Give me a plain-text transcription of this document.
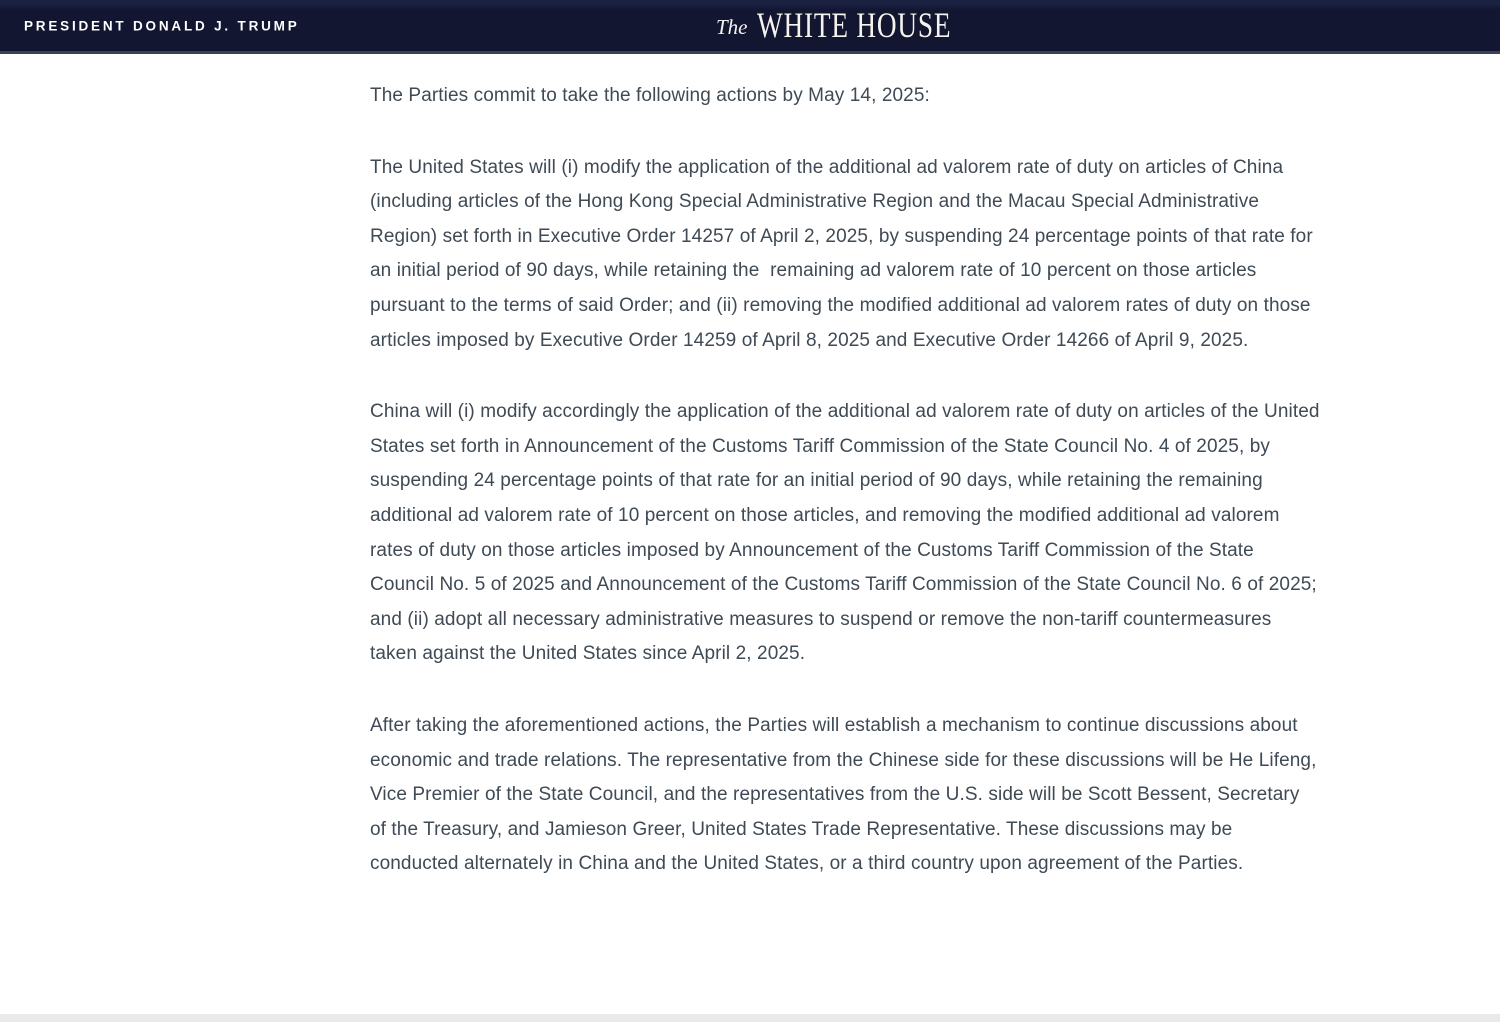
PRESIDENT DONALD J. TRUMP	The WHITE HOUSE

The Parties commit to take the following actions by May 14, 2025:

The United States will (i) modify the application of the additional ad valorem rate of duty on articles of China (including articles of the Hong Kong Special Administrative Region and the Macau Special Administrative Region) set forth in Executive Order 14257 of April 2, 2025, by suspending 24 percentage points of that rate for an initial period of 90 days, while retaining the  remaining ad valorem rate of 10 percent on those articles pursuant to the terms of said Order; and (ii) removing the modified additional ad valorem rates of duty on those articles imposed by Executive Order 14259 of April 8, 2025 and Executive Order 14266 of April 9, 2025.

China will (i) modify accordingly the application of the additional ad valorem rate of duty on articles of the United States set forth in Announcement of the Customs Tariff Commission of the State Council No. 4 of 2025, by suspending 24 percentage points of that rate for an initial period of 90 days, while retaining the remaining additional ad valorem rate of 10 percent on those articles, and removing the modified additional ad valorem rates of duty on those articles imposed by Announcement of the Customs Tariff Commission of the State Council No. 5 of 2025 and Announcement of the Customs Tariff Commission of the State Council No. 6 of 2025; and (ii) adopt all necessary administrative measures to suspend or remove the non-tariff countermeasures taken against the United States since April 2, 2025.

After taking the aforementioned actions, the Parties will establish a mechanism to continue discussions about economic and trade relations. The representative from the Chinese side for these discussions will be He Lifeng, Vice Premier of the State Council, and the representatives from the U.S. side will be Scott Bessent, Secretary of the Treasury, and Jamieson Greer, United States Trade Representative. These discussions may be conducted alternately in China and the United States, or a third country upon agreement of the Parties.
